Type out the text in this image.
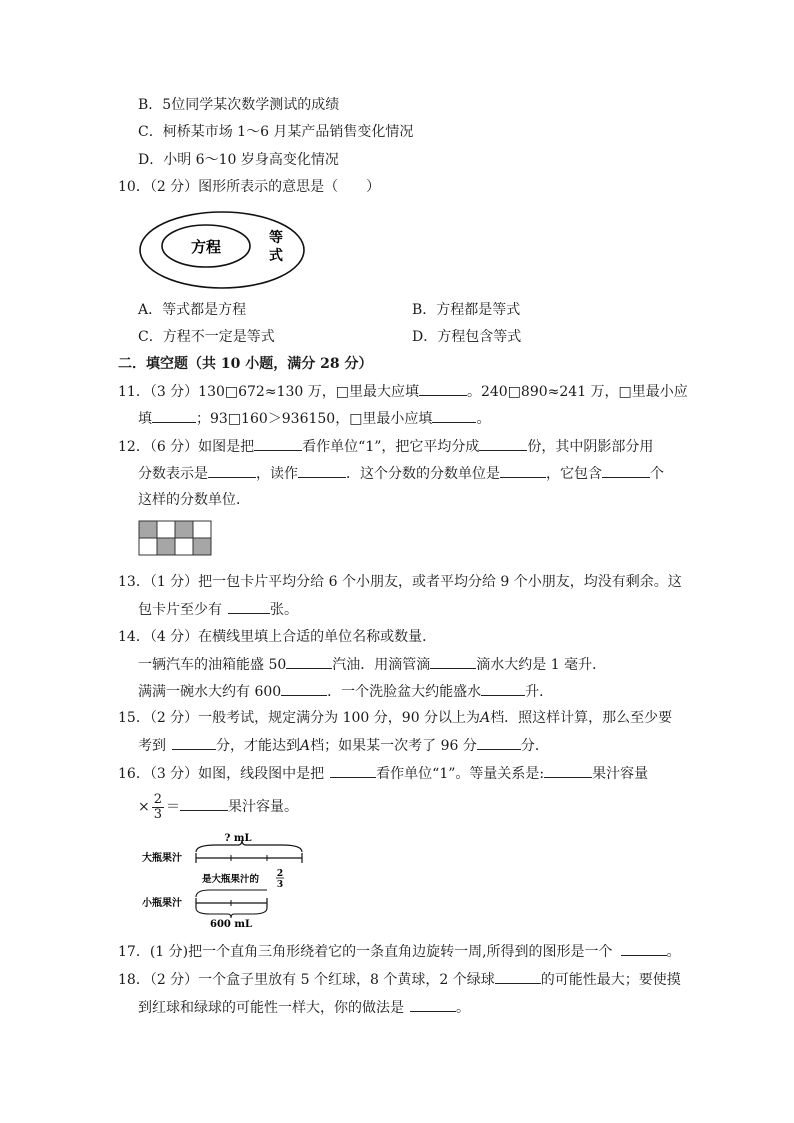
B．5位同学某次数学测试的成绩
C．柯桥某市场 1～6 月某产品销售变化情况
D．小明 6～10 岁身高变化情况
10．（2 分）图形所表示的意思是（　　）
方程	等
式
A．等式都是方程	B．方程都是等式
C．方程不一定是等式	D．方程包含等式
二．填空题（共 10 小题，满分 28 分）
11．（3 分）130□672≈130 万，□里最大应填	。240□890≈241 万，□里最小应
填	；93□160＞936150，□里最小应填	。
12．（6 分）如图是把	看作单位“1”，把它平均分成	份，其中阴影部分用
分数表示是	，读作	．这个分数的分数单位是	，它包含	个
这样的分数单位．
13．（1 分）把一包卡片平均分给 6 个小朋友，或者平均分给 9 个小朋友，均没有剩余。这
包卡片至少有	张。
14．（4 分）在横线里填上合适的单位名称或数量．
一辆汽车的油箱能盛 50	汽油．用滴管滴	滴水大约是 1 毫升．
满满一碗水大约有 600	．一个洗脸盆大约能盛水	升．
15．（2 分）一般考试，规定满分为 100 分，90 分以上为A档．照这样计算，那么至少要
考到	分，才能达到A档；如果某一次考了 96 分	分．
16．（3 分）如图，线段图中是把	看作单位“1”。等量关系是:	果汁容量
× $\frac{2}{3}$ ＝	果汁容量。
? mL
大瓶果汁
是大瓶果汁的 2
3
小瓶果汁
600 mL
17．(1 分)把一个直角三角形绕着它的一条直角边旋转一周,所得到的图形是一个	。
18．（2 分）一个盒子里放有 5 个红球，8 个黄球，2 个绿球	的可能性最大；要使摸
到红球和绿球的可能性一样大，你的做法是	。
